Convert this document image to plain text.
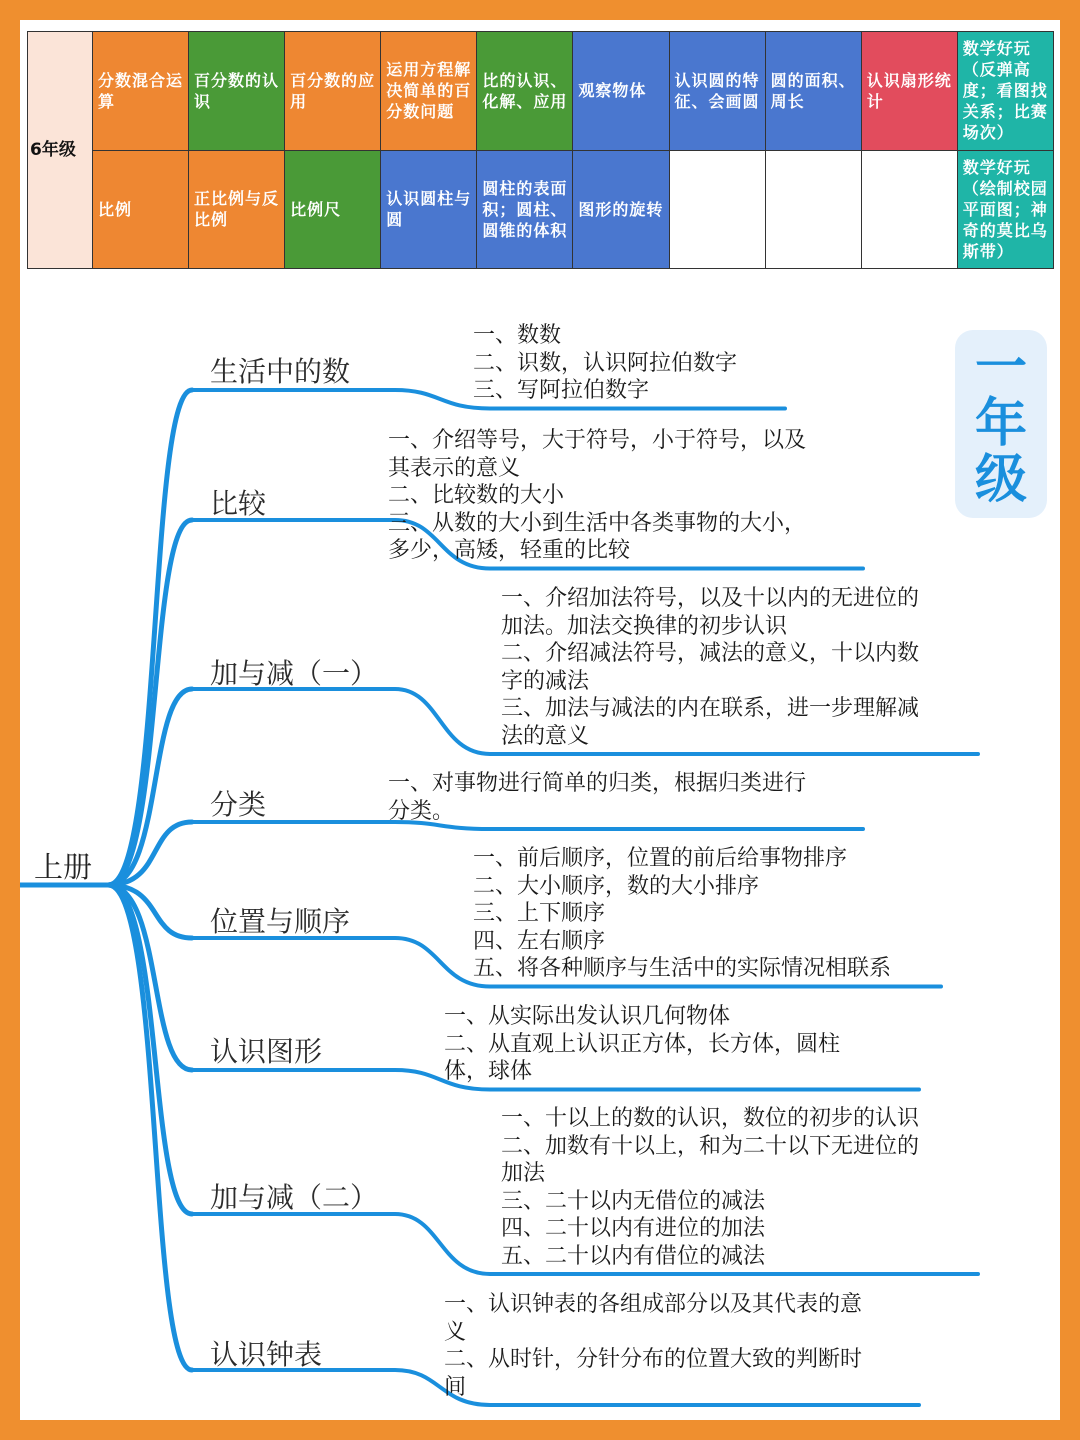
6年级	分数混合运算	百分数的认识	百分数的应用	运用方程解决简单的百分数问题	比的认识、化解、应用	观察物体	认识圆的特征、会画圆	圆的面积、周长	认识扇形统计	数学好玩（反弹高度；看图找关系；比赛场次）
	比例	正比例与反比例	比例尺	认识圆柱与圆	圆柱的表面积；圆柱、圆锥的体积	图形的旋转				数学好玩（绘制校园平面图；神奇的莫比乌斯带）
上册
生活中的数
一、数数
二、识数，认识阿拉伯数字
三、写阿拉伯数字
比较
一、介绍等号，大于符号，小于符号，以及
其表示的意义
二、比较数的大小
三、从数的大小到生活中各类事物的大小，
多少，高矮，轻重的比较
加与减（一）
一、介绍加法符号，以及十以内的无进位的
加法。加法交换律的初步认识
二、介绍减法符号，减法的意义，十以内数
字的减法
三、加法与减法的内在联系，进一步理解减
法的意义
分类
一、对事物进行简单的归类，根据归类进行
分类。
位置与顺序
一、前后顺序，位置的前后给事物排序
二、大小顺序，数的大小排序
三、上下顺序
四、左右顺序
五、将各种顺序与生活中的实际情况相联系
认识图形
一、从实际出发认识几何物体
二、从直观上认识正方体，长方体，圆柱
体，球体
加与减（二）
一、十以上的数的认识，数位的初步的认识
二、加数有十以上，和为二十以下无进位的
加法
三、二十以内无借位的减法
四、二十以内有进位的加法
五、二十以内有借位的减法
认识钟表
一、认识钟表的各组成部分以及其代表的意
义
二、从时针，分针分布的位置大致的判断时
间
一
年
级
